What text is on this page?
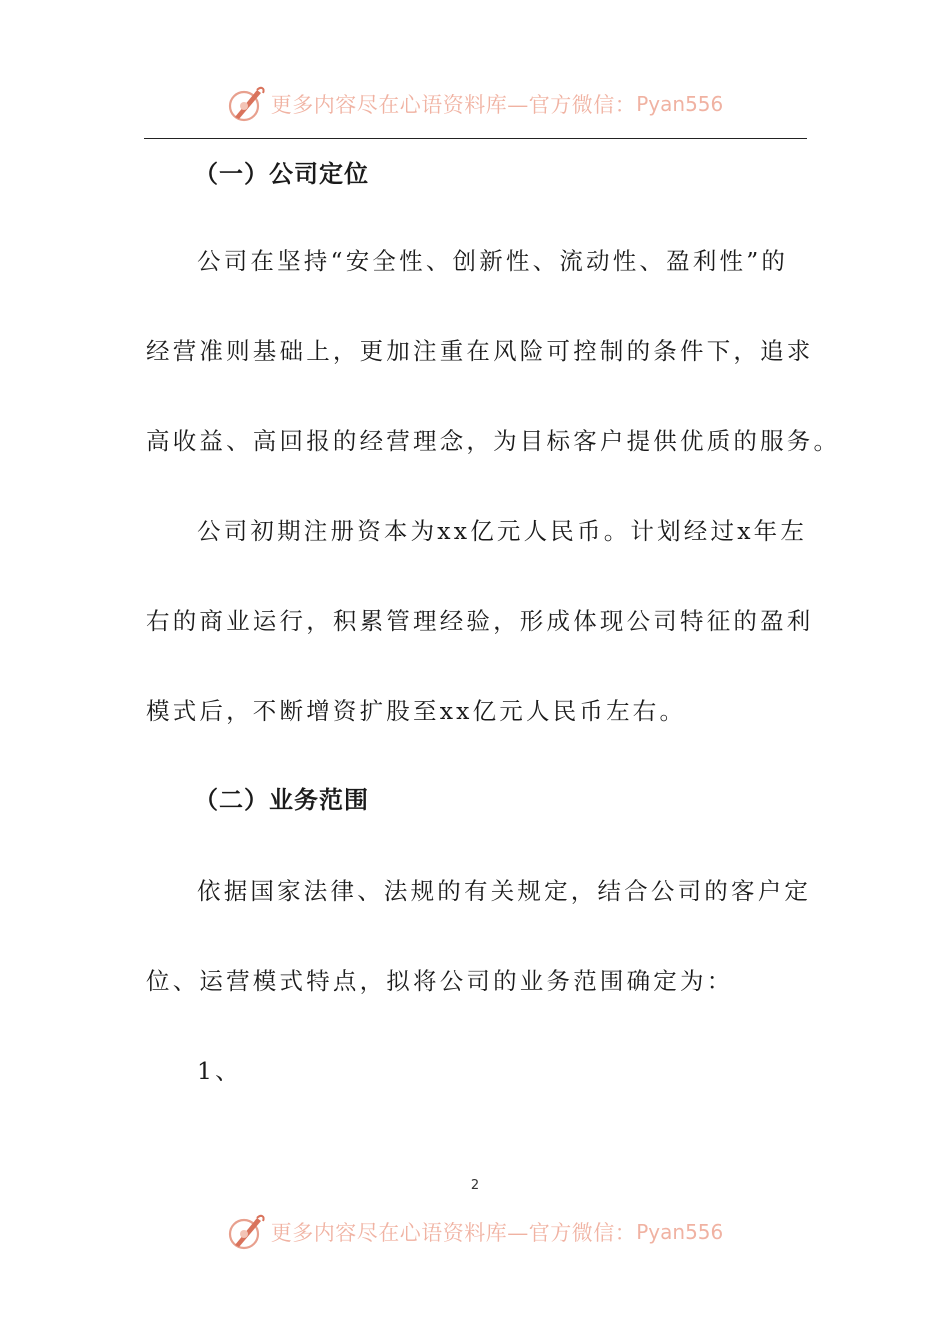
更多内容尽在心语资料库—官方微信： Pyan556
（一）公司定位
公司在坚持“安全性、创新性、流动性、盈利性”的
经营准则基础上，更加注重在风险可控制的条件下，追求
高收益、高回报的经营理念，为目标客户提供优质的服务。
公司初期注册资本为xx亿元人民币。计划经过x年左
右的商业运行，积累管理经验，形成体现公司特征的盈利
模式后，不断增资扩股至xx亿元人民币左右。
（二）业务范围
依据国家法律、法规的有关规定，结合公司的客户定
位、运营模式特点，拟将公司的业务范围确定为：
1、
2
更多内容尽在心语资料库—官方微信： Pyan556
